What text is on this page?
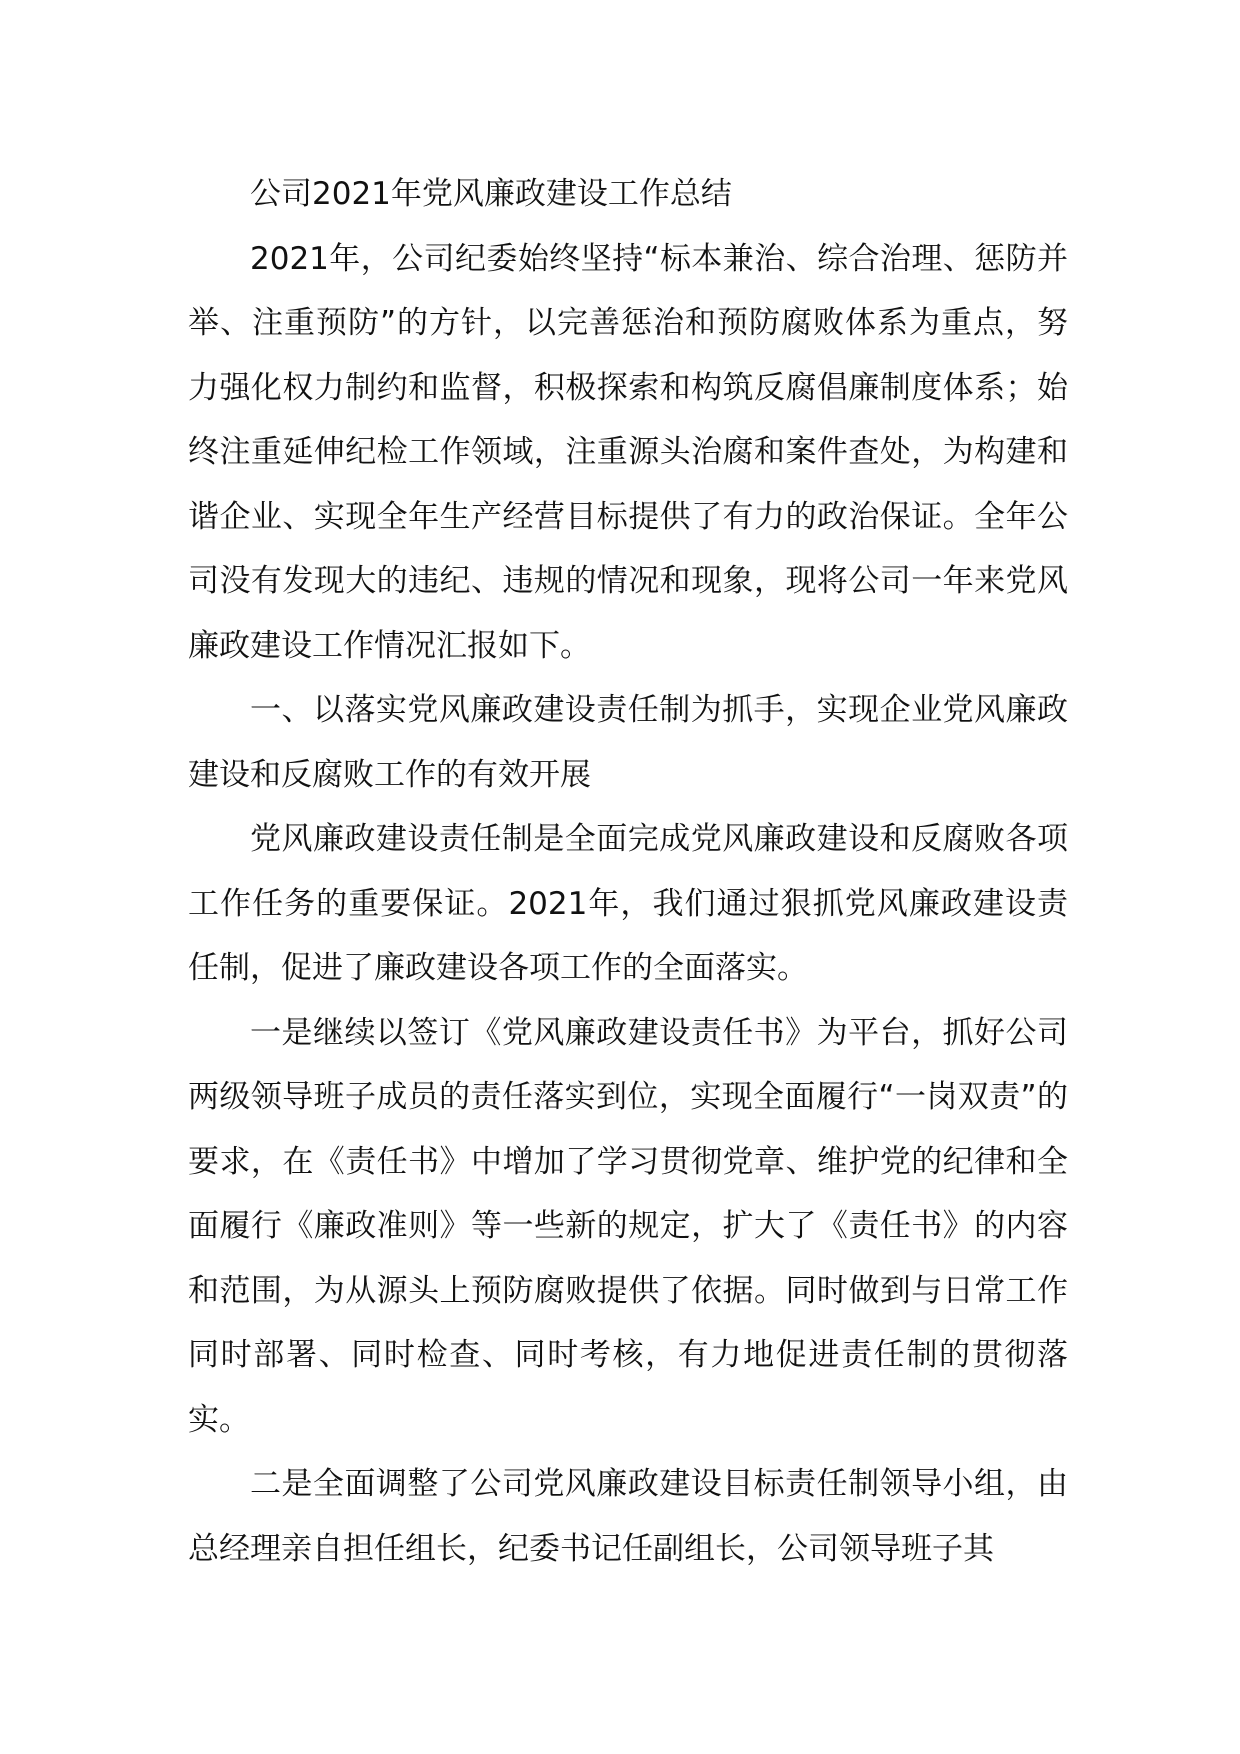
公司2021年党风廉政建设工作总结

2021年，公司纪委始终坚持“标本兼治、综合治理、惩防并举、注重预防”的方针，以完善惩治和预防腐败体系为重点，努力强化权力制约和监督，积极探索和构筑反腐倡廉制度体系；始终注重延伸纪检工作领域，注重源头治腐和案件查处，为构建和谐企业、实现全年生产经营目标提供了有力的政治保证。全年公司没有发现大的违纪、违规的情况和现象，现将公司一年来党风廉政建设工作情况汇报如下。

一、以落实党风廉政建设责任制为抓手，实现企业党风廉政建设和反腐败工作的有效开展

党风廉政建设责任制是全面完成党风廉政建设和反腐败各项工作任务的重要保证。2021年，我们通过狠抓党风廉政建设责任制，促进了廉政建设各项工作的全面落实。

一是继续以签订《党风廉政建设责任书》为平台，抓好公司两级领导班子成员的责任落实到位，实现全面履行“一岗双责”的要求，在《责任书》中增加了学习贯彻党章、维护党的纪律和全面履行《廉政准则》等一些新的规定，扩大了《责任书》的内容和范围，为从源头上预防腐败提供了依据。同时做到与日常工作同时部署、同时检查、同时考核，有力地促进责任制的贯彻落实。

二是全面调整了公司党风廉政建设目标责任制领导小组，由总经理亲自担任组长，纪委书记任副组长，公司领导班子其
